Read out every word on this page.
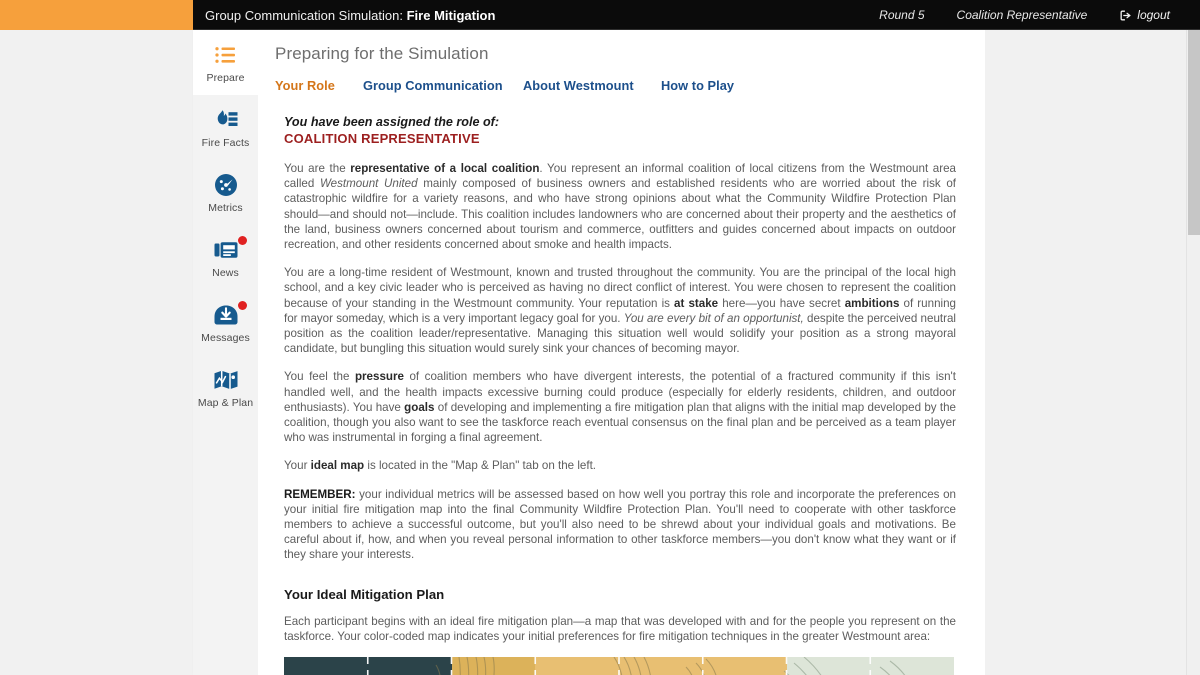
Group Communication Simulation: Fire Mitigation	Round 5	Coalition Representative	logout
Prepare
Fire Facts
Metrics
News
Messages
Map & Plan
Preparing for the Simulation
Your Role	Group Communication	About Westmount	How to Play
You have been assigned the role of:
COALITION REPRESENTATIVE

You are the representative of a local coalition. You represent an informal coalition of local citizens from the Westmount area called Westmount United mainly composed of business owners and established residents who are worried about the risk of catastrophic wildfire for a variety reasons, and who have strong opinions about what the Community Wildfire Protection Plan should—and should not—include. This coalition includes landowners who are concerned about their property and the aesthetics of the land, business owners concerned about tourism and commerce, outfitters and guides concerned about impacts on outdoor recreation, and other residents concerned about smoke and health impacts.

You are a long-time resident of Westmount, known and trusted throughout the community. You are the principal of the local high school, and a key civic leader who is perceived as having no direct conflict of interest. You were chosen to represent the coalition because of your standing in the Westmount community. Your reputation is at stake here—you have secret ambitions of running for mayor someday, which is a very important legacy goal for you. You are every bit of an opportunist, despite the perceived neutral position as the coalition leader/representative. Managing this situation well would solidify your position as a strong mayoral candidate, but bungling this situation would surely sink your chances of becoming mayor.

You feel the pressure of coalition members who have divergent interests, the potential of a fractured community if this isn't handled well, and the health impacts excessive burning could produce (especially for elderly residents, children, and outdoor enthusiasts). You have goals of developing and implementing a fire mitigation plan that aligns with the initial map developed by the coalition, though you also want to see the taskforce reach eventual consensus on the final plan and be perceived as a team player who was instrumental in forging a final agreement.

Your ideal map is located in the "Map & Plan" tab on the left.

REMEMBER: your individual metrics will be assessed based on how well you portray this role and incorporate the preferences on your initial fire mitigation map into the final Community Wildfire Protection Plan. You'll need to cooperate with other taskforce members to achieve a successful outcome, but you'll also need to be shrewd about your individual goals and motivations. Be careful about if, how, and when you reveal personal information to other taskforce members—you don't know what they want or if they share your interests.

Your Ideal Mitigation Plan

Each participant begins with an ideal fire mitigation plan—a map that was developed with and for the people you represent on the taskforce. Your color-coded map indicates your initial preferences for fire mitigation techniques in the greater Westmount area:
